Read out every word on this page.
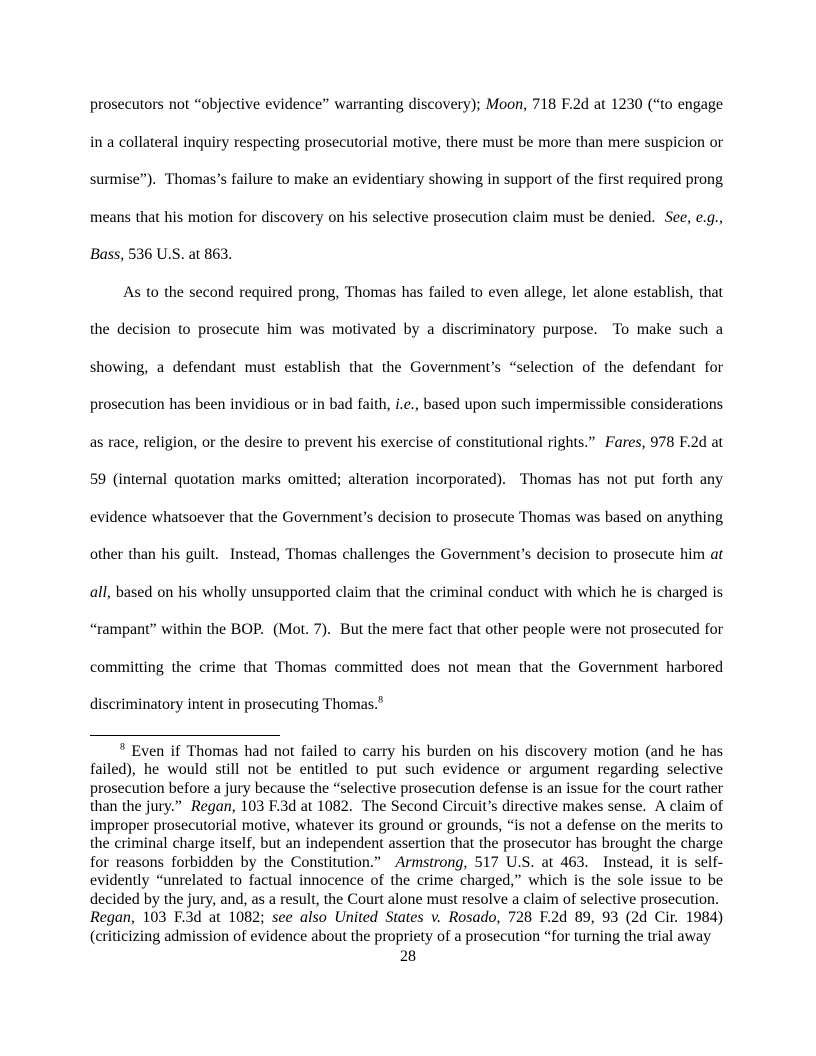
prosecutors not “objective evidence” warranting discovery); Moon, 718 F.2d at 1230 (“to engage in a collateral inquiry respecting prosecutorial motive, there must be more than mere suspicion or surmise”).  Thomas’s failure to make an evidentiary showing in support of the first required prong means that his motion for discovery on his selective prosecution claim must be denied.  See, e.g., Bass, 536 U.S. at 863.

As to the second required prong, Thomas has failed to even allege, let alone establish, that the decision to prosecute him was motivated by a discriminatory purpose.  To make such a showing, a defendant must establish that the Government’s “selection of the defendant for prosecution has been invidious or in bad faith, i.e., based upon such impermissible considerations as race, religion, or the desire to prevent his exercise of constitutional rights.”  Fares, 978 F.2d at 59 (internal quotation marks omitted; alteration incorporated).  Thomas has not put forth any evidence whatsoever that the Government’s decision to prosecute Thomas was based on anything other than his guilt.  Instead, Thomas challenges the Government’s decision to prosecute him at all, based on his wholly unsupported claim that the criminal conduct with which he is charged is “rampant” within the BOP.  (Mot. 7).  But the mere fact that other people were not prosecuted for committing the crime that Thomas committed does not mean that the Government harbored discriminatory intent in prosecuting Thomas.$^8$

$^8$ Even if Thomas had not failed to carry his burden on his discovery motion (and he has failed), he would still not be entitled to put such evidence or argument regarding selective prosecution before a jury because the “selective prosecution defense is an issue for the court rather than the jury.”  Regan, 103 F.3d at 1082.  The Second Circuit’s directive makes sense.  A claim of improper prosecutorial motive, whatever its ground or grounds, “is not a defense on the merits to the criminal charge itself, but an independent assertion that the prosecutor has brought the charge for reasons forbidden by the Constitution.”  Armstrong, 517 U.S. at 463.  Instead, it is self-evidently “unrelated to factual innocence of the crime charged,” which is the sole issue to be decided by the jury, and, as a result, the Court alone must resolve a claim of selective prosecution.  Regan, 103 F.3d at 1082; see also United States v. Rosado, 728 F.2d 89, 93 (2d Cir. 1984) (criticizing admission of evidence about the propriety of a prosecution “for turning the trial away

28
